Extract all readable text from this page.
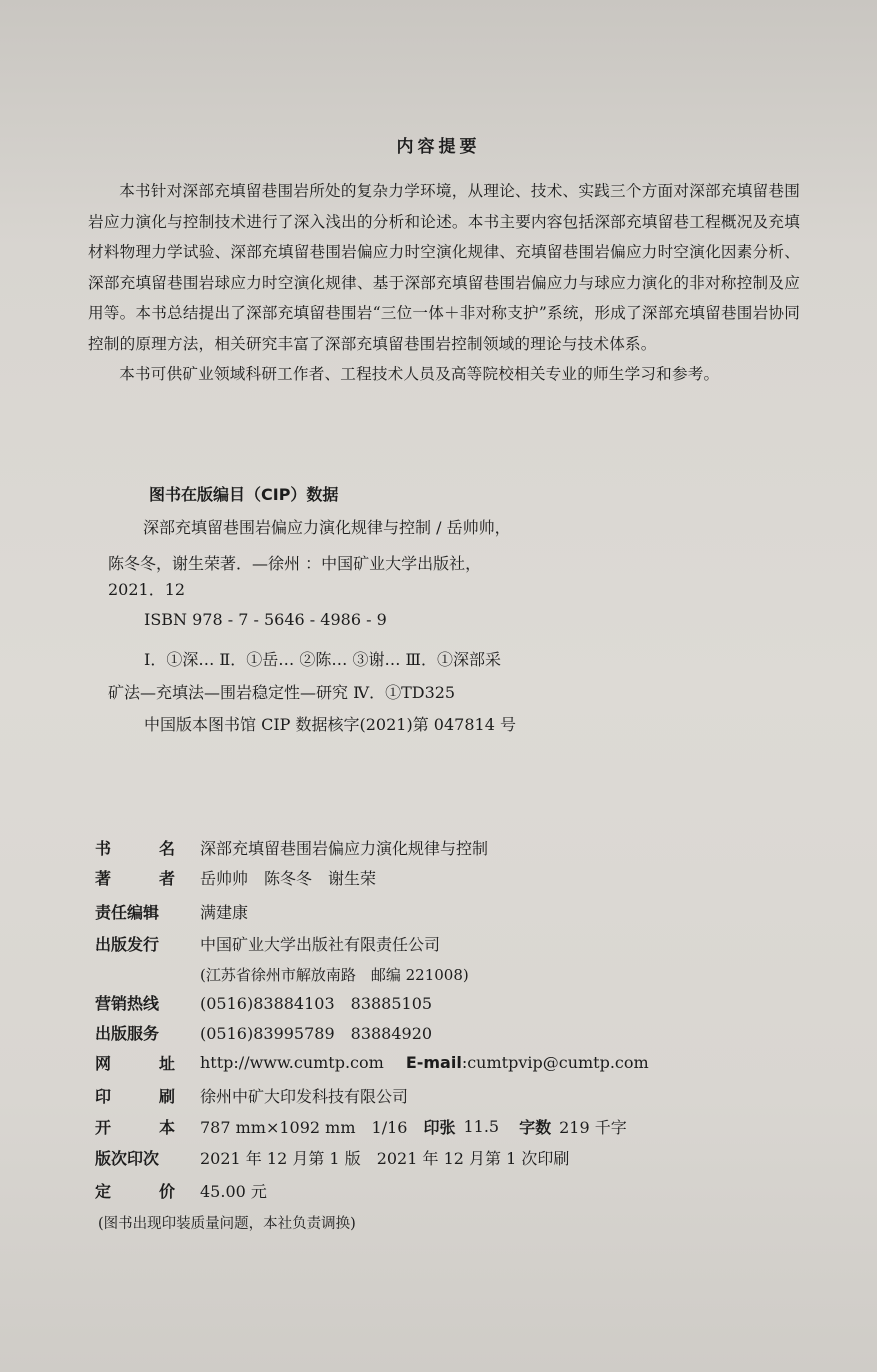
内容提要

本书针对深部充填留巷围岩所处的复杂力学环境，从理论、技术、实践三个方面对深部充填留巷围岩应力演化与控制技术进行了深入浅出的分析和论述。本书主要内容包括深部充填留巷工程概况及充填材料物理力学试验、深部充填留巷围岩偏应力时空演化规律、充填留巷围岩偏应力时空演化因素分析、深部充填留巷围岩球应力时空演化规律、基于深部充填留巷围岩偏应力与球应力演化的非对称控制及应用等。本书总结提出了深部充填留巷围岩“三位一体＋非对称支护”系统，形成了深部充填留巷围岩协同控制的原理方法，相关研究丰富了深部充填留巷围岩控制领域的理论与技术体系。

本书可供矿业领域科研工作者、工程技术人员及高等院校相关专业的师生学习和参考。

图书在版编目（CIP）数据
深部充填留巷围岩偏应力演化规律与控制 / 岳帅帅，
陈冬冬，谢生荣著．—徐州 ：中国矿业大学出版社，
2021．12
ISBN 978 - 7 - 5646 - 4986 - 9
Ⅰ．①深… Ⅱ．①岳… ②陈… ③谢… Ⅲ．①深部采
矿法—充填法—围岩稳定性—研究 Ⅳ．①TD325
中国版本图书馆 CIP 数据核字(2021)第 047814 号
书	名 深部充填留巷围岩偏应力演化规律与控制
著	者 岳帅帅　陈冬冬　谢生荣
责任编辑	满建康
出版发行	中国矿业大学出版社有限责任公司
(江苏省徐州市解放南路　邮编 221008)
营销热线	(0516)83884103　83885105
出版服务	(0516)83995789　83884920
网	址 http://www.cumtp.com E-mail :cumtpvip@cumtp.com
印	刷 徐州中矿大印发科技有限公司
开	本 787 mm×1092 mm　1/16 印张 11.5 字数 219 千字
版次印次	2021 年 12 月第 1 版　2021 年 12 月第 1 次印刷
定	价 45.00 元
(图书出现印装质量问题，本社负责调换)
